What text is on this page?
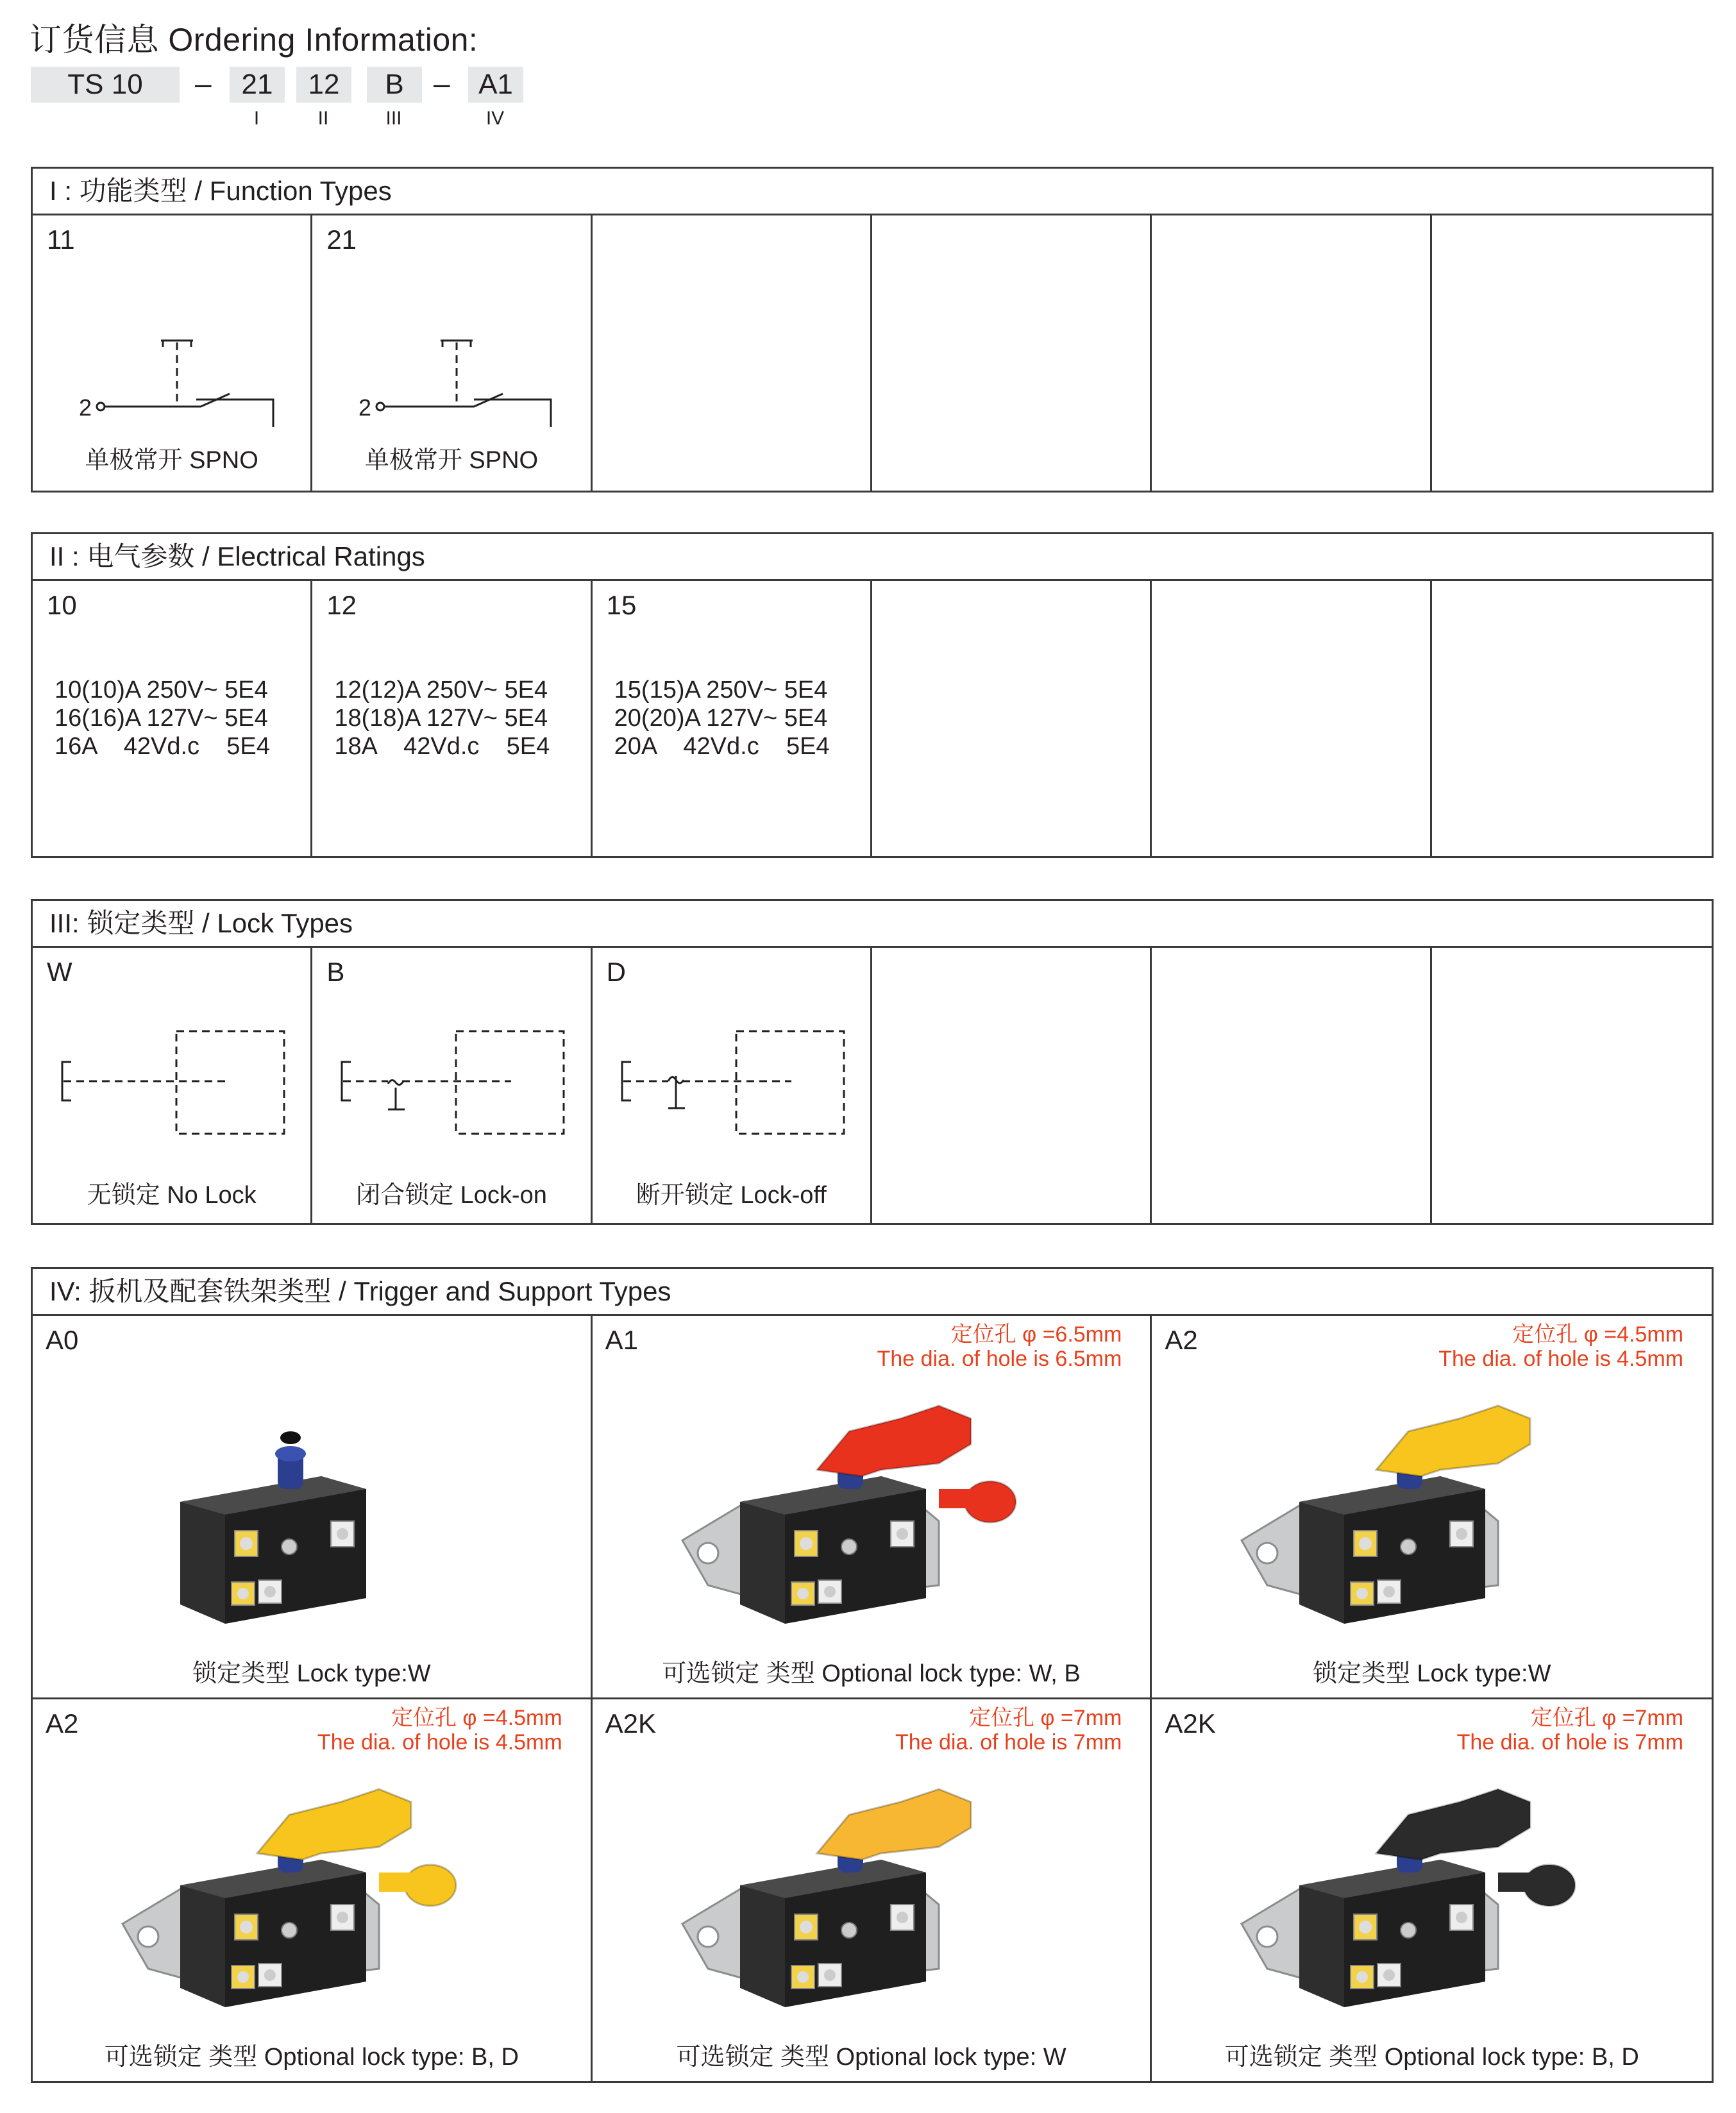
订货信息 Ordering Information:
TS 10	–	21	12	B	–	A1
I	II	III	IV
I : 功能类型 / Function Types
11
2
单极常开 SPNO
21
2
单极常开 SPNO
II : 电气参数 / Electrical Ratings
10
10(10)A 250V~ 5E4
16(16)A 127V~ 5E4
16A    42Vd.c    5E4
12
12(12)A 250V~ 5E4
18(18)A 127V~ 5E4
18A    42Vd.c    5E4
15
15(15)A 250V~ 5E4
20(20)A 127V~ 5E4
20A    42Vd.c    5E4
III: 锁定类型 / Lock Types
W
无锁定 No Lock
B
闭合锁定 Lock-on
D
断开锁定 Lock-off
IV: 扳机及配套铁架类型 / Trigger and Support Types
A0
锁定类型 Lock type:W
A1	定位孔 φ =6.5mm
The dia. of hole is 6.5mm
可选锁定 类型 Optional lock type: W, B
A2	定位孔 φ =4.5mm
The dia. of hole is 4.5mm
锁定类型 Lock type:W
A2	定位孔 φ =4.5mm
The dia. of hole is 4.5mm
可选锁定 类型 Optional lock type: B, D
A2K	定位孔 φ =7mm
The dia. of hole is 7mm
可选锁定 类型 Optional lock type: W
A2K	定位孔 φ =7mm
The dia. of hole is 7mm
可选锁定 类型 Optional lock type: B, D
